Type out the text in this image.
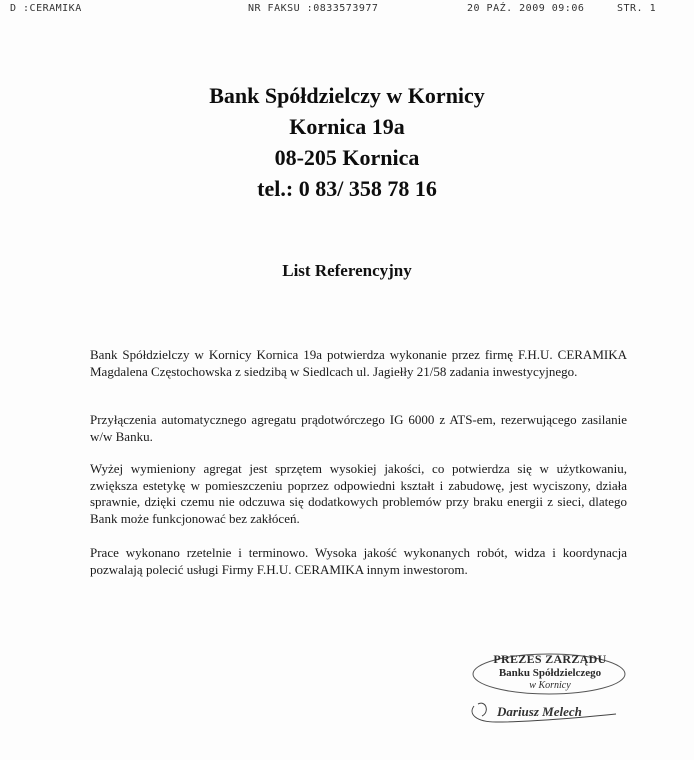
D :CERAMIKA	NR FAKSU :0833573977	20 PAŹ. 2009 09:06	STR. 1
Bank Spółdzielczy w Kornicy
Kornica 19a
08-205 Kornica
tel.: 0 83/ 358 78 16
List Referencyjny
Bank Spółdzielczy w Kornicy Kornica 19a potwierdza wykonanie przez firmę F.H.U. CERAMIKA Magdalena Częstochowska z siedzibą w Siedlcach ul. Jagiełły 21/58 zadania inwestycyjnego.
Przyłączenia automatycznego agregatu prądotwórczego IG 6000 z ATS-em, rezerwującego zasilanie w/w Banku.
Wyżej wymieniony agregat jest sprzętem wysokiej jakości, co potwierdza się w użytkowaniu, zwiększa estetykę w pomieszczeniu poprzez odpowiedni kształt i zabudowę, jest wyciszony, działa sprawnie, dzięki czemu nie odczuwa się dodatkowych problemów przy braku energii z sieci, dlatego Bank może funkcjonować bez zakłóceń.
Prace wykonano rzetelnie i terminowo. Wysoka jakość wykonanych robót, widza i koordynacja pozwalają polecić usługi Firmy F.H.U. CERAMIKA innym inwestorom.
PREZES ZARZĄDU
Banku Spółdzielczego
w Kornicy
Dariusz Melech
